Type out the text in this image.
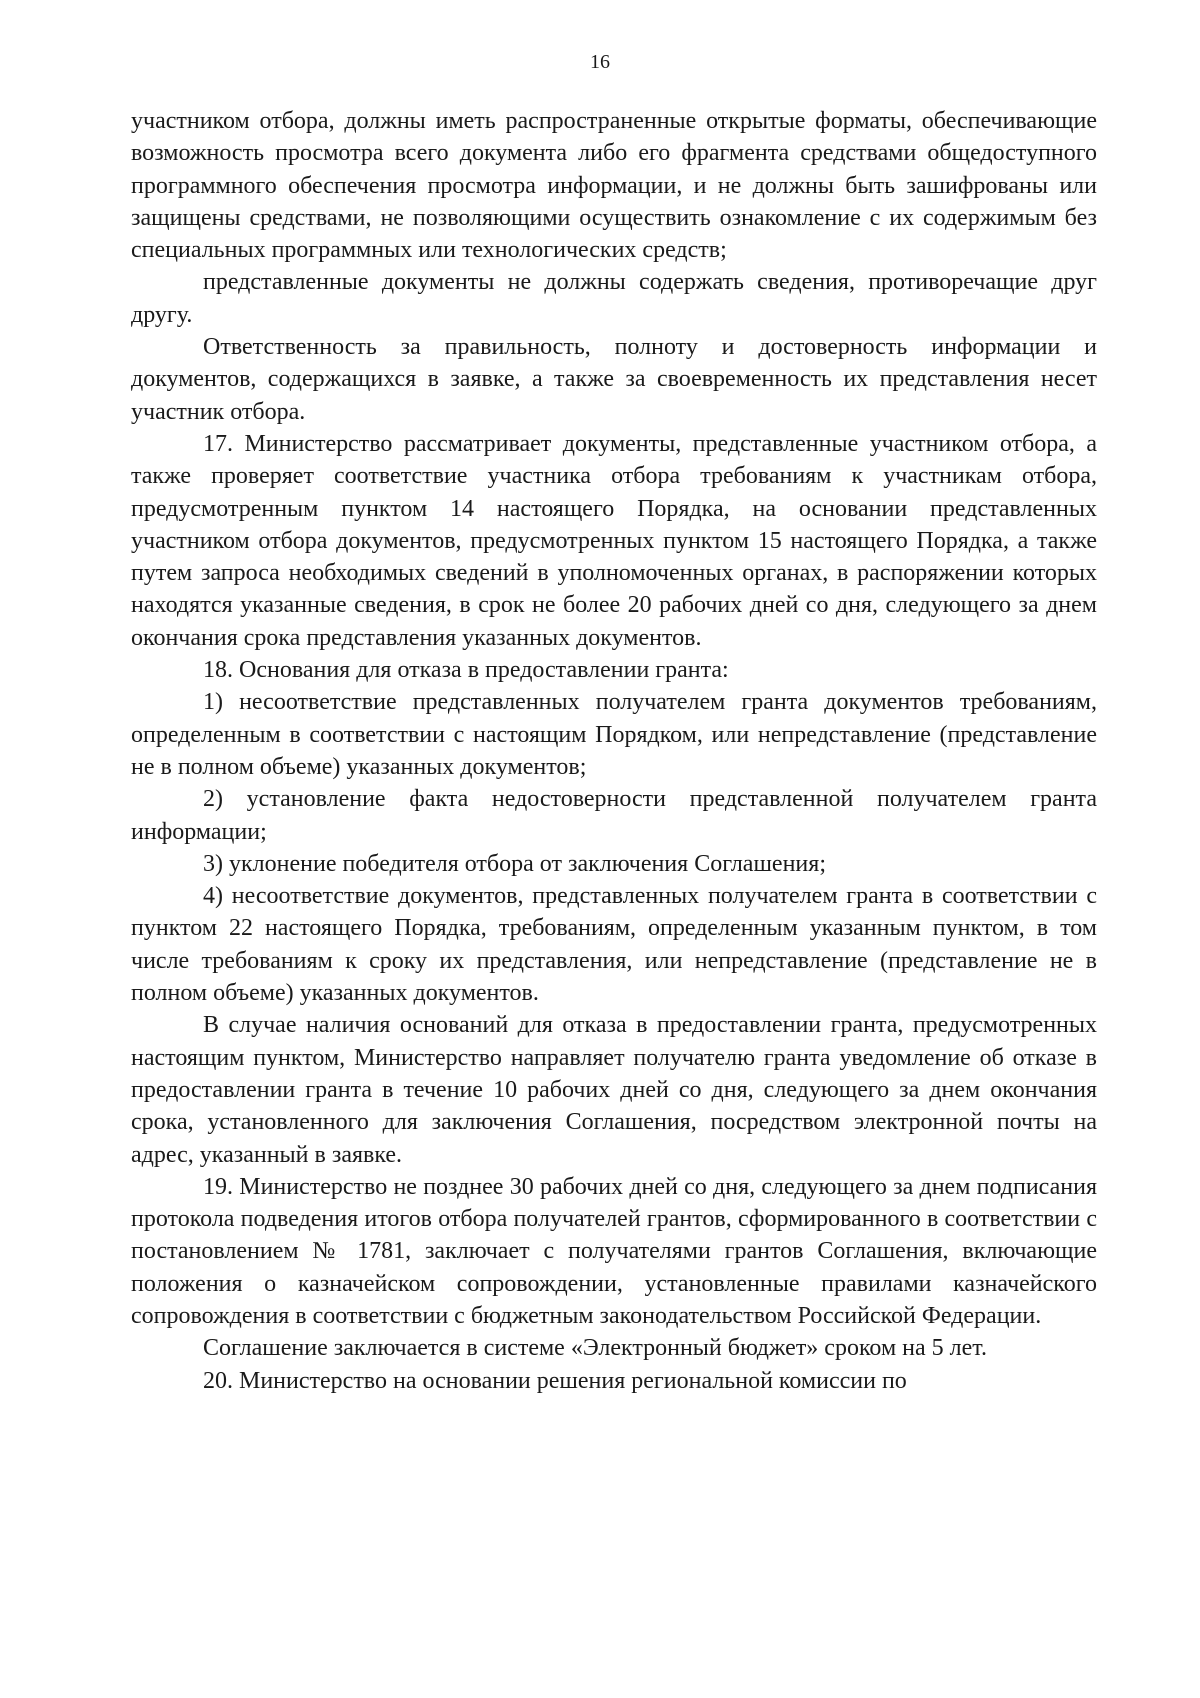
16

участником отбора, должны иметь распространенные открытые форматы, обеспечивающие возможность просмотра всего документа либо его фрагмента средствами общедоступного программного обеспечения просмотра информации, и не должны быть зашифрованы или защищены средствами, не позволяющими осуществить ознакомление с их содержимым без специальных программных или технологических средств;

представленные документы не должны содержать сведения, противоречащие друг другу.

Ответственность за правильность, полноту и достоверность информации и документов, содержащихся в заявке, а также за своевременность их представления несет участник отбора.

17. Министерство рассматривает документы, представленные участником отбора, а также проверяет соответствие участника отбора требованиям к участникам отбора, предусмотренным пунктом 14 настоящего Порядка, на основании представленных участником отбора документов, предусмотренных пунктом 15 настоящего Порядка, а также путем запроса необходимых сведений в уполномоченных органах, в распоряжении которых находятся указанные сведения, в срок не более 20 рабочих дней со дня, следующего за днем окончания срока представления указанных документов.

18. Основания для отказа в предоставлении гранта:

1) несоответствие представленных получателем гранта документов требованиям, определенным в соответствии с настоящим Порядком, или непредставление (представление не в полном объеме) указанных документов;

2) установление факта недостоверности представленной получателем гранта информации;

3) уклонение победителя отбора от заключения Соглашения;

4) несоответствие документов, представленных получателем гранта в соответствии с пунктом 22 настоящего Порядка, требованиям, определенным указанным пунктом, в том числе требованиям к сроку их представления, или непредставление (представление не в полном объеме) указанных документов.

В случае наличия оснований для отказа в предоставлении гранта, предусмотренных настоящим пунктом, Министерство направляет получателю гранта уведомление об отказе в предоставлении гранта в течение 10 рабочих дней со дня, следующего за днем окончания срока, установленного для заключения Соглашения, посредством электронной почты на адрес, указанный в заявке.

19. Министерство не позднее 30 рабочих дней со дня, следующего за днем подписания протокола подведения итогов отбора получателей грантов, сформированного в соответствии с постановлением № 1781, заключает с получателями грантов Соглашения, включающие положения о казначейском сопровождении, установленные правилами казначейского сопровождения в соответствии с бюджетным законодательством Российской Федерации.

Соглашение заключается в системе «Электронный бюджет» сроком на 5 лет.

20. Министерство на основании решения региональной комиссии по
